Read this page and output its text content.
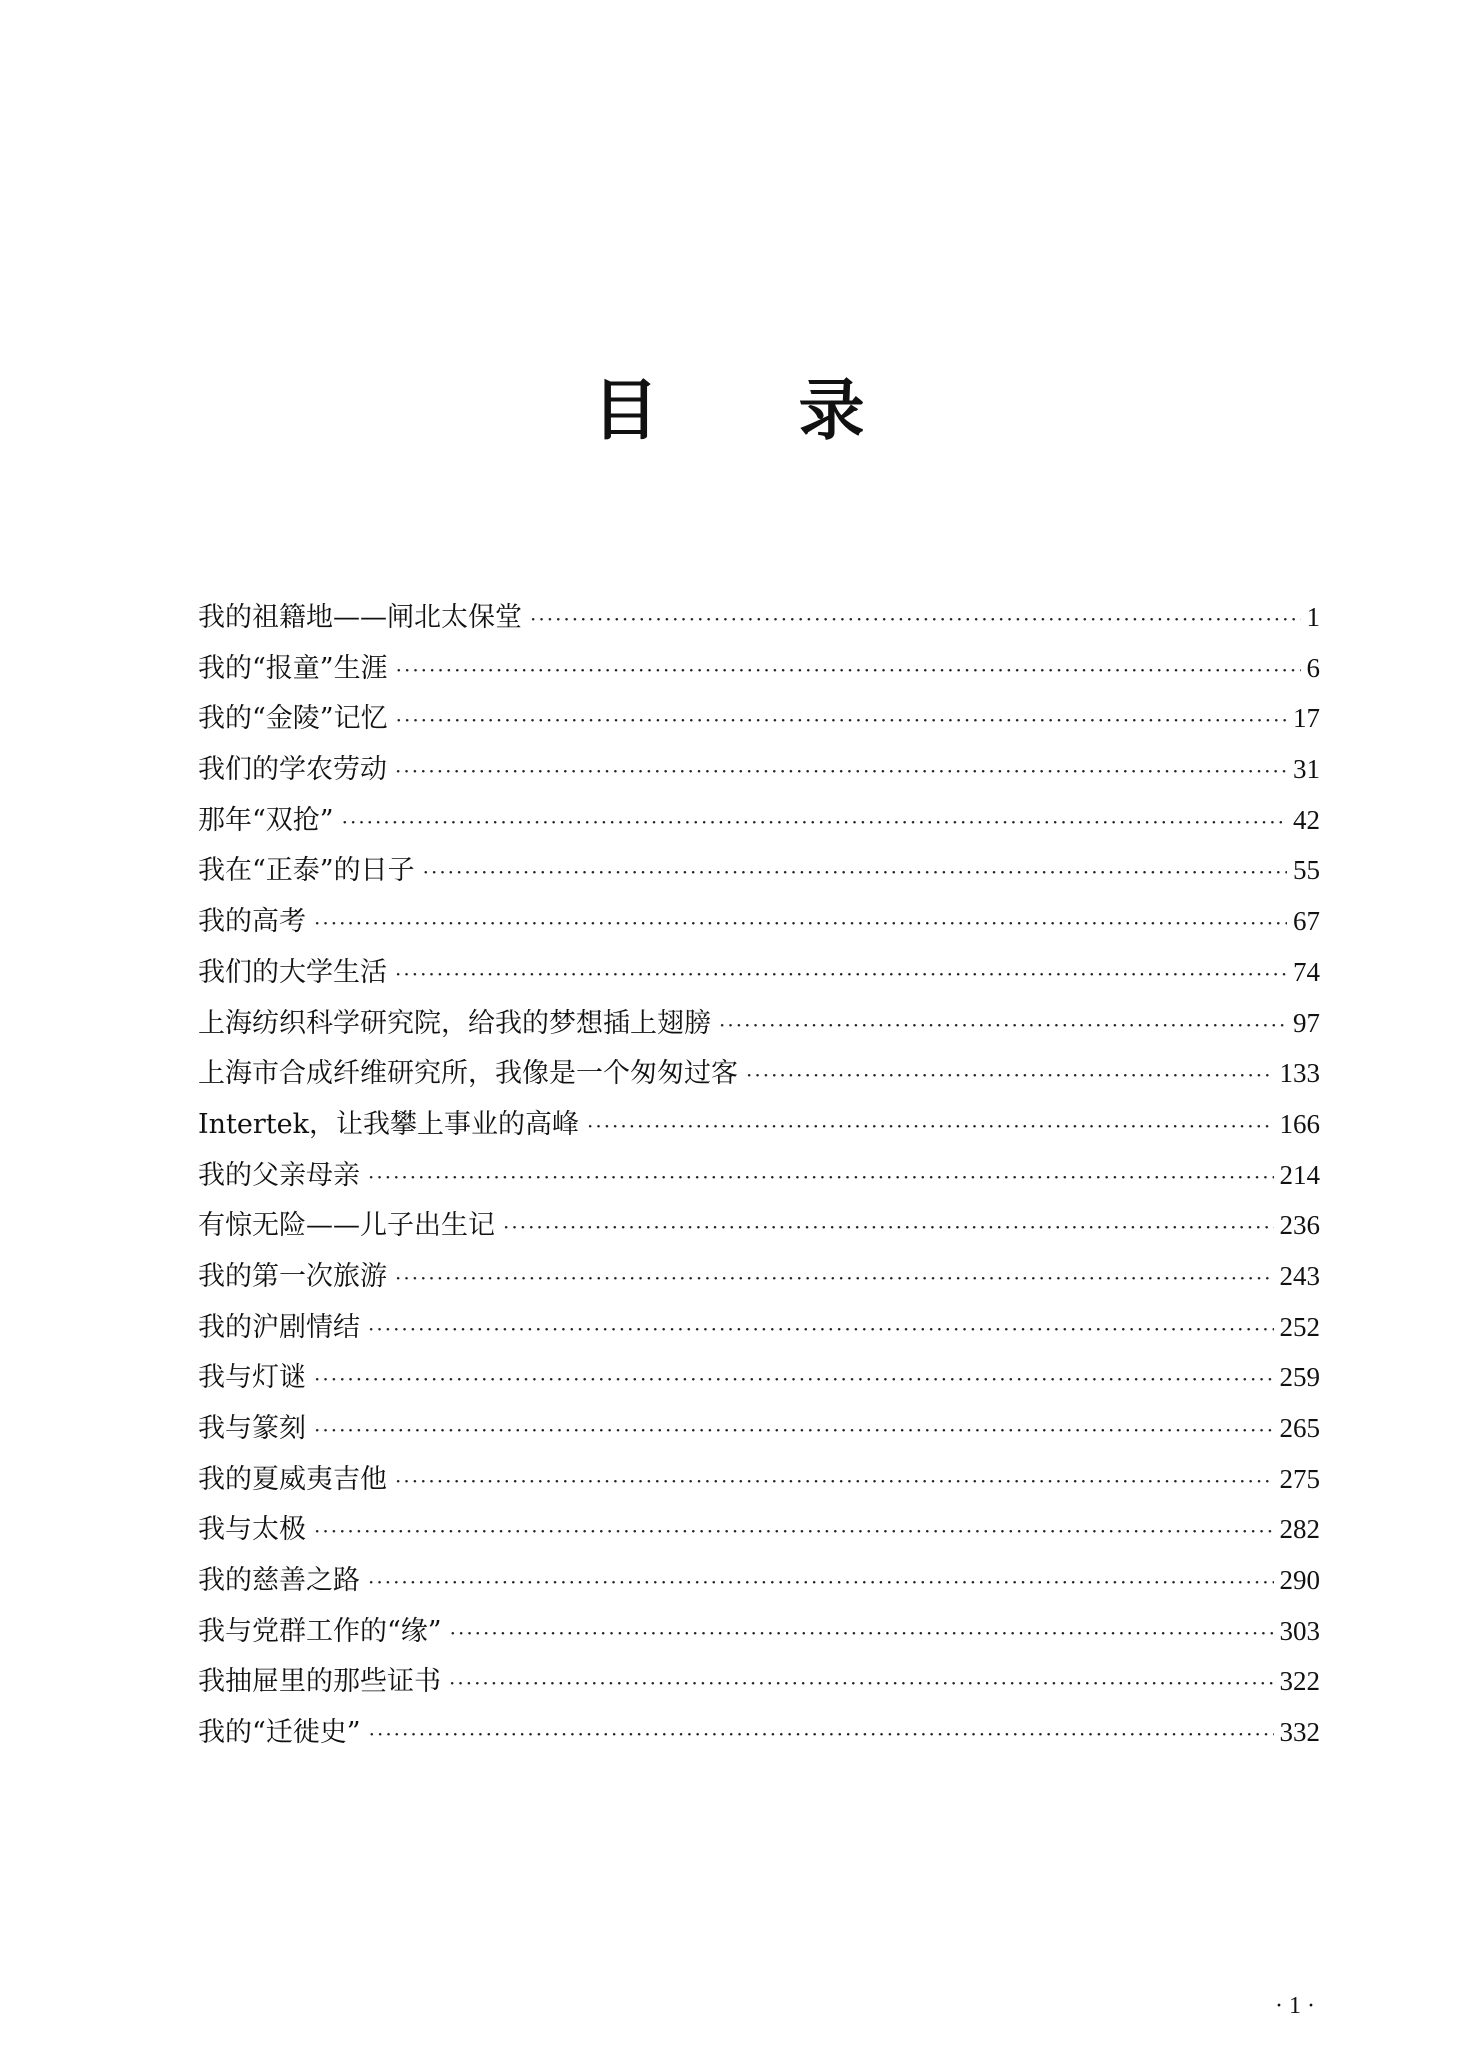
目录
我的祖籍地——闸北太保堂 ·····	1
我的“报童”生涯 ·····	6
我的“金陵”记忆 ·····	17
我们的学农劳动 ·····	31
那年“双抢” ·····	42
我在“正泰”的日子 ·····	55
我的高考 ·····	67
我们的大学生活 ·····	74
上海纺织科学研究院，给我的梦想插上翅膀 ·····	97
上海市合成纤维研究所，我像是一个匆匆过客 ·····	133
Intertek，让我攀上事业的高峰 ·····	166
我的父亲母亲 ·····	214
有惊无险——儿子出生记 ·····	236
我的第一次旅游 ·····	243
我的沪剧情结 ·····	252
我与灯谜 ·····	259
我与篆刻 ·····	265
我的夏威夷吉他 ·····	275
我与太极 ·····	282
我的慈善之路 ·····	290
我与党群工作的“缘” ·····	303
我抽屉里的那些证书 ·····	322
我的“迁徙史” ·····	332
· 1 ·
